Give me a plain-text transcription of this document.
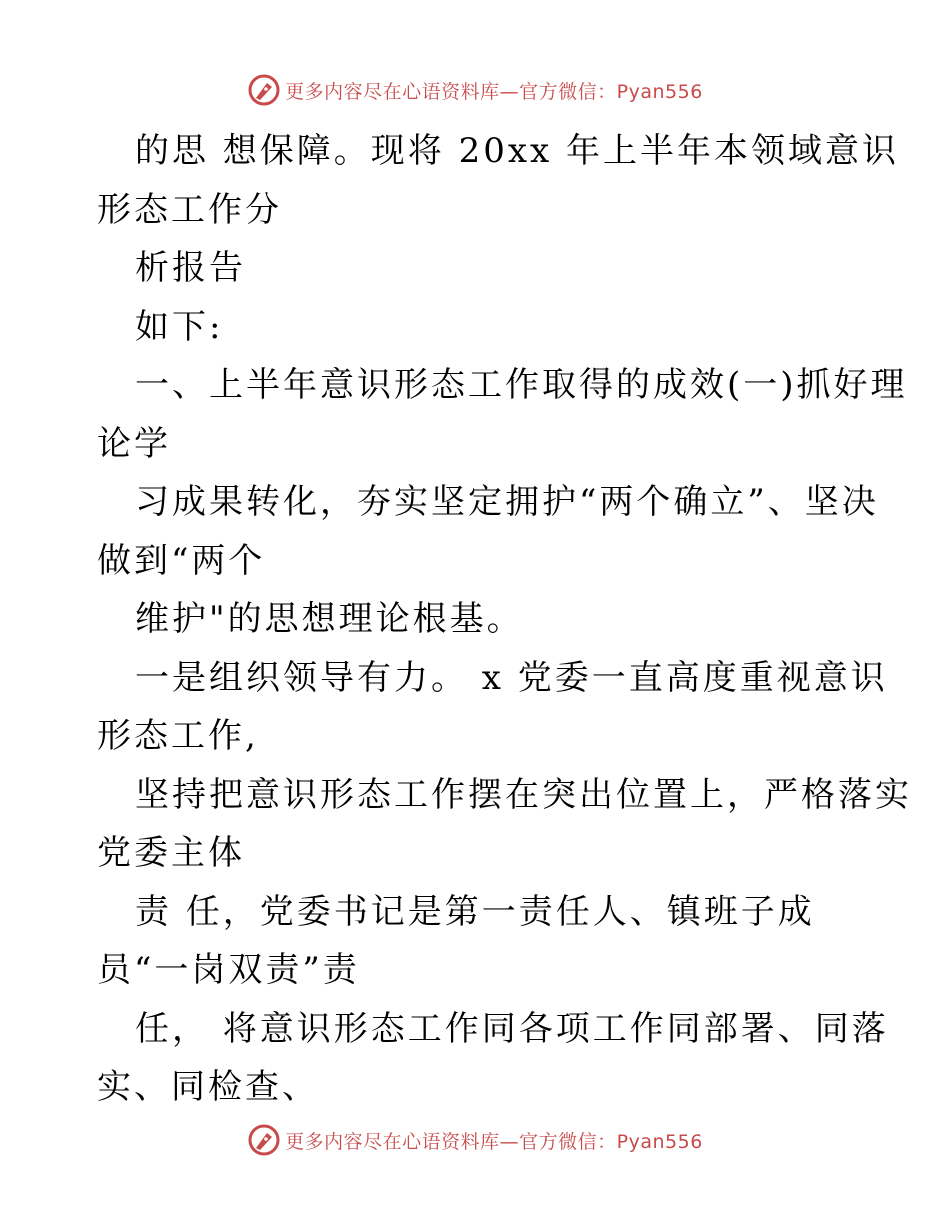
更多内容尽在心语资料库—官方微信：Pyan556
的思 想保障。现将 20xx 年上半年本领域意识
形态工作分
析报告
如下:
一、上半年意识形态工作取得的成效(一)抓好理
论学
习成果转化，夯实坚定拥护“两个确立”、坚决
做到“两个
维护"的思想理论根基。
一是组织领导有力。 x 党委一直高度重视意识
形态工作,
坚持把意识形态工作摆在突出位置上，严格落实
党委主体
责 任，党委书记是第一责任人、镇班子成
员“一岗双责”责
任， 将意识形态工作同各项工作同部署、同落
实、同检查、
更多内容尽在心语资料库—官方微信：Pyan556
